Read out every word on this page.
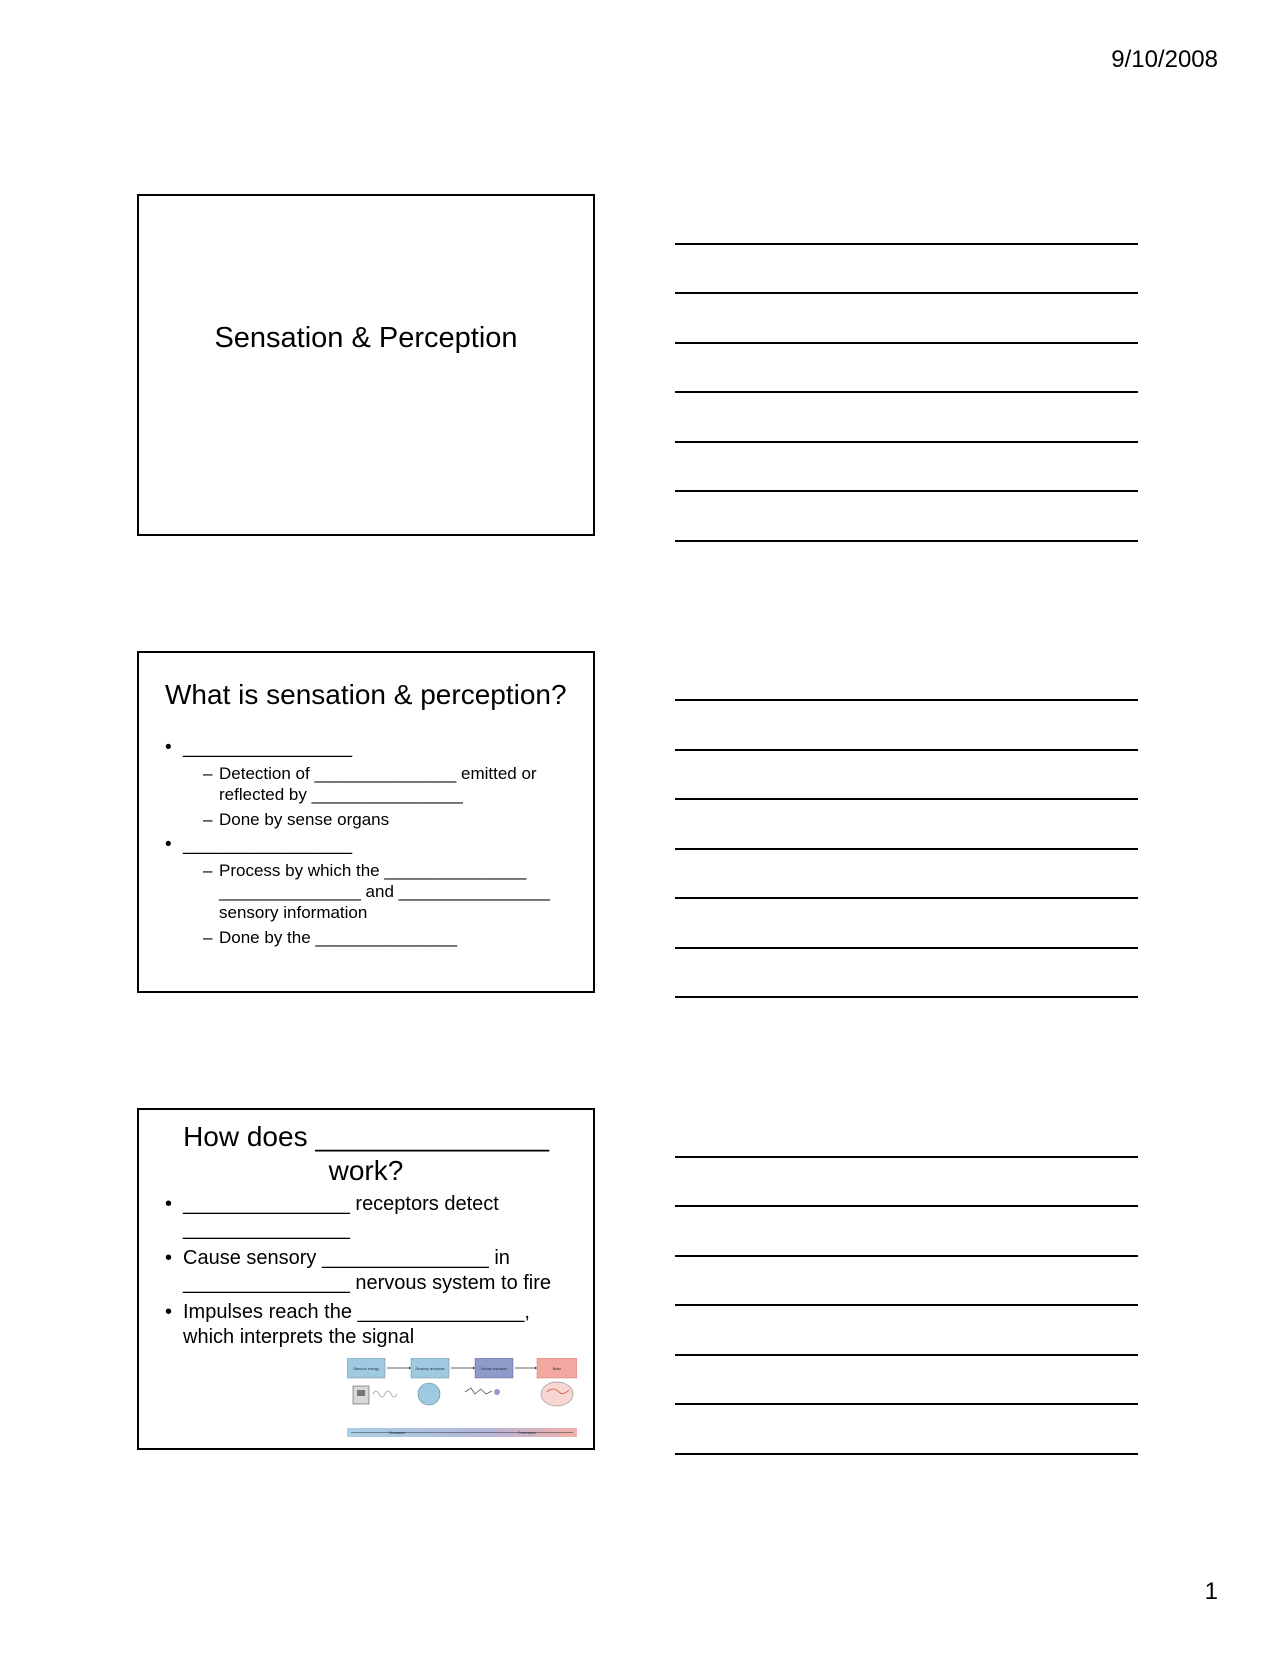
9/10/2008
Sensation & Perception
What is sensation & perception?
• ________________
– Detection of _______________ emitted or reflected by ________________
– Done by sense organs
• ________________
– Process by which the _______________ _______________ and ________________ sensory information
– Done by the _______________
How does _______________
work?
• _______________ receptors detect _______________
• Cause sensory _______________ in _______________ nervous system to fire
• Impulses reach the _______________, which interprets the signal
Stimulus energy	Sensory receptors	Neural impulses	Brain
Sensation	Perception
1
